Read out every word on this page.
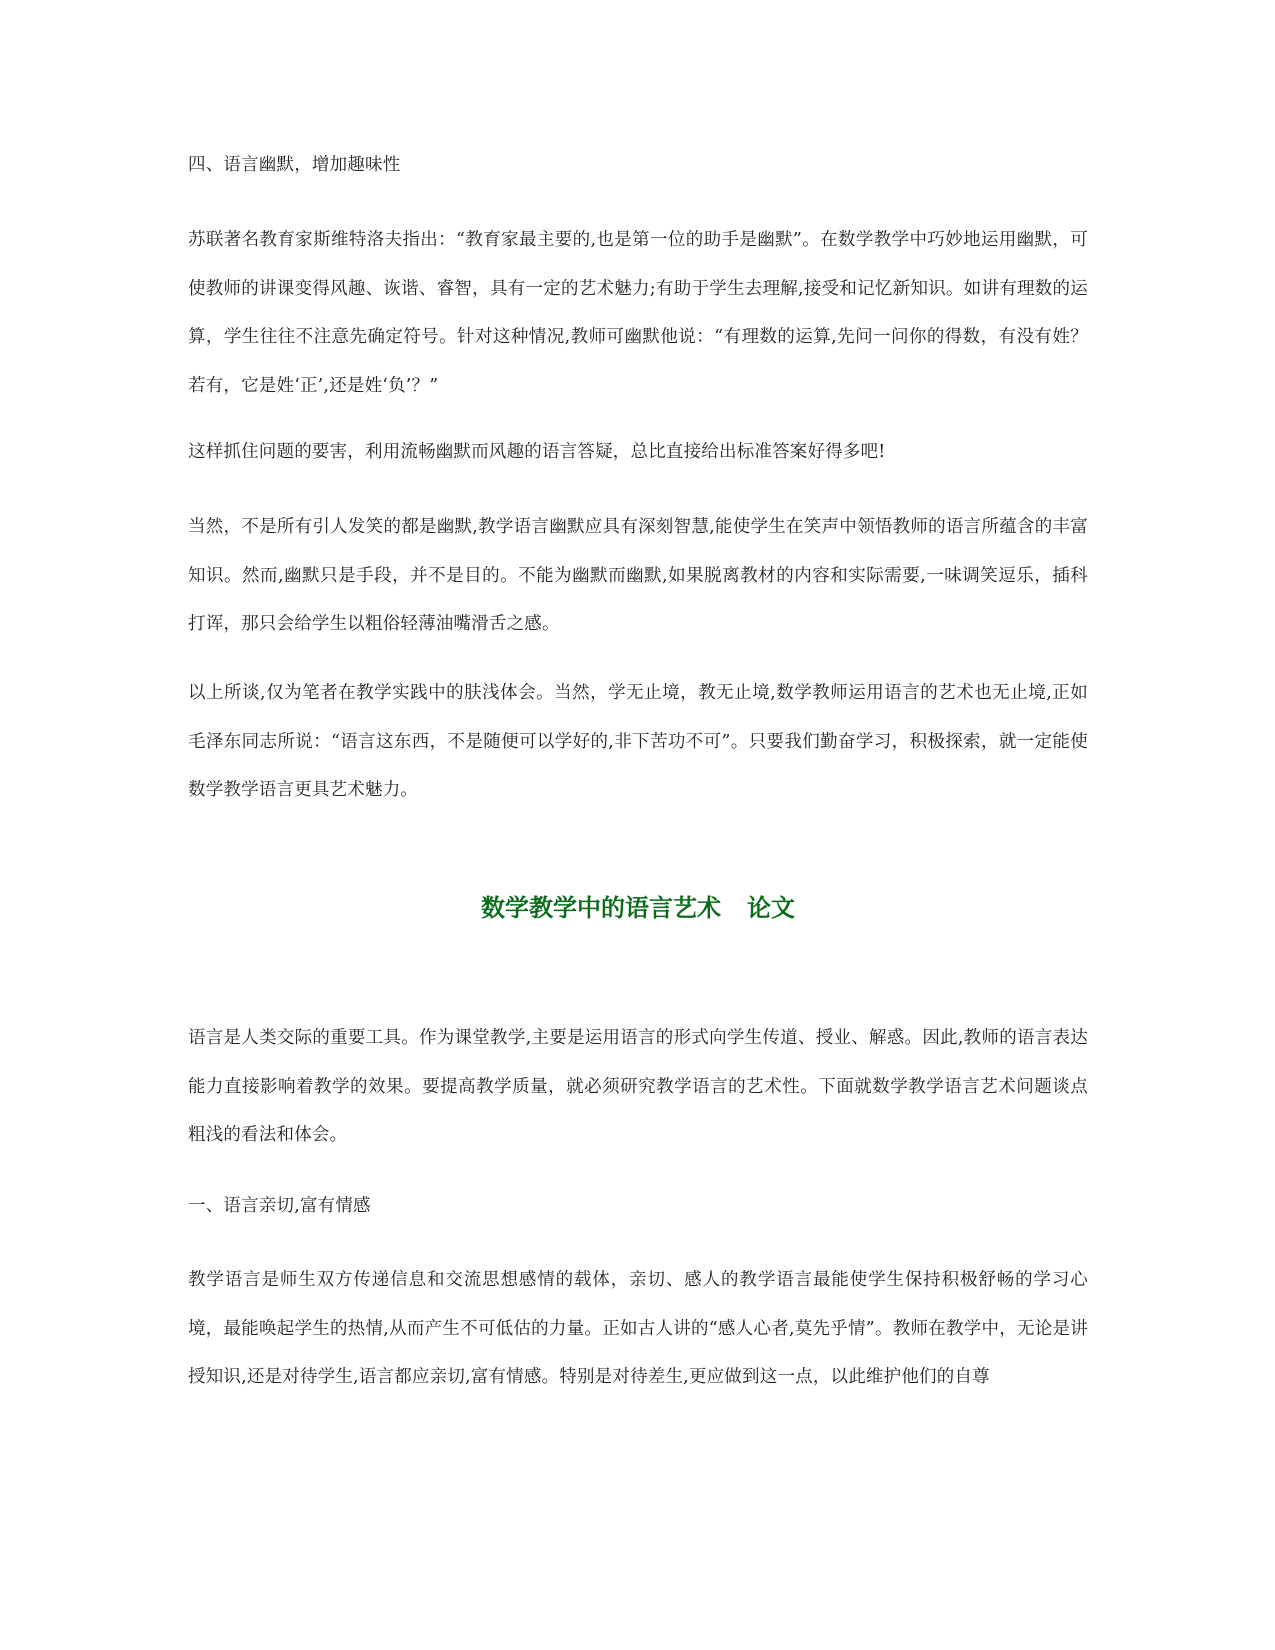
四、语言幽默，增加趣味性

苏联著名教育家斯维特洛夫指出：“教育家最主要的,也是第一位的助手是幽默”。在数学教学中巧妙地运用幽默，可使教师的讲课变得风趣、诙谐、睿智，具有一定的艺术魅力;有助于学生去理解,接受和记忆新知识。如讲有理数的运算，学生往往不注意先确定符号。针对这种情况,教师可幽默他说：“有理数的运算,先问一问你的得数，有没有姓？若有，它是姓‘正’,还是姓‘负’？”

这样抓住问题的要害，利用流畅幽默而风趣的语言答疑，总比直接给出标准答案好得多吧!

当然，不是所有引人发笑的都是幽默,教学语言幽默应具有深刻智慧,能使学生在笑声中领悟教师的语言所蕴含的丰富知识。然而,幽默只是手段，并不是目的。不能为幽默而幽默,如果脱离教材的内容和实际需要,一味调笑逗乐，插科打诨，那只会给学生以粗俗轻薄油嘴滑舌之感。

以上所谈,仅为笔者在教学实践中的肤浅体会。当然，学无止境，教无止境,数学教师运用语言的艺术也无止境,正如毛泽东同志所说：“语言这东西，不是随便可以学好的,非下苦功不可”。只要我们勤奋学习，积极探索，就一定能使数学教学语言更具艺术魅力。

数学教学中的语言艺术 论文

语言是人类交际的重要工具。作为课堂教学,主要是运用语言的形式向学生传道、授业、解惑。因此,教师的语言表达能力直接影响着教学的效果。要提高教学质量，就必须研究教学语言的艺术性。下面就数学教学语言艺术问题谈点粗浅的看法和体会。

一、语言亲切,富有情感

教学语言是师生双方传递信息和交流思想感情的载体，亲切、感人的教学语言最能使学生保持积极舒畅的学习心境，最能唤起学生的热情,从而产生不可低估的力量。正如古人讲的“感人心者,莫先乎情”。教师在教学中，无论是讲授知识,还是对待学生,语言都应亲切,富有情感。特别是对待差生,更应做到这一点，以此维护他们的自尊
